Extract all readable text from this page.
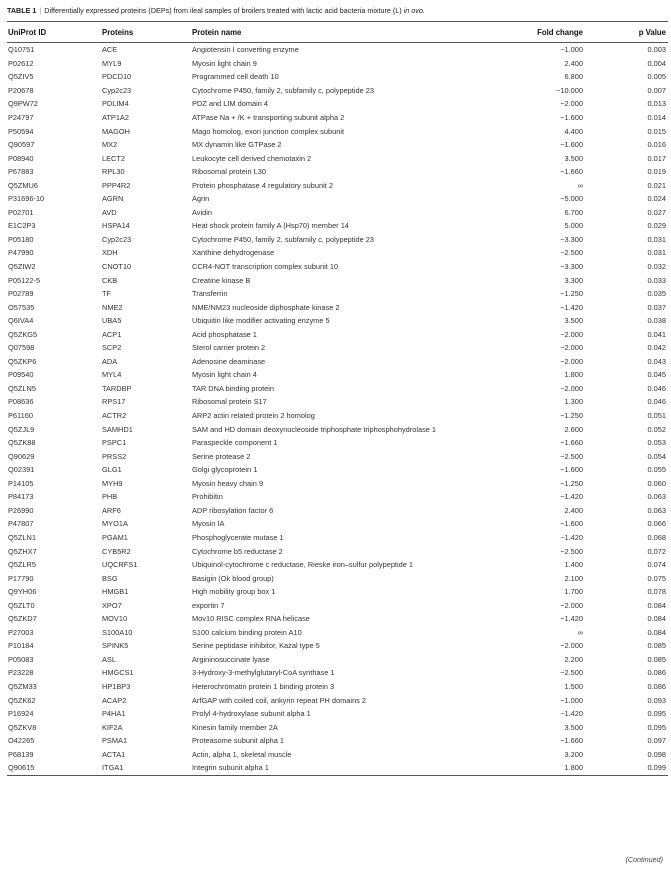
TABLE 1 | Differentially expressed proteins (DEPs) from ileal samples of broilers treated with lactic acid bacteria mixture (L) in ovo.
UniProt ID	Proteins	Protein name	Fold change	p Value
Q10751	ACE	Angiotensin I converting enzyme	−1.000	0.003
P02612	MYL9	Myosin light chain 9	2.400	0.004
Q5ZIV5	PDCD10	Programmed cell death 10	6.800	0.005
P20678	Cyp2c23	Cytochrome P450, family 2, subfamily c, polypeptide 23	−10.000	0.007
Q9PW72	PDLIM4	PDZ and LIM domain 4	−2.000	0.013
P24797	ATP1A2	ATPase Na + /K + transporting subunit alpha 2	−1.600	0.014
P50594	MAGOH	Mago homolog, exon junction complex subunit	4.400	0.015
Q90597	MX2	MX dynamin like GTPase 2	−1.600	0.016
P08940	LECT2	Leukocyte cell derived chemotaxin 2	3.500	0.017
P67883	RPL30	Ribosomal protein L30	−1.660	0.019
Q5ZMU6	PPP4R2	Protein phosphatase 4 regulatory subunit 2	∞	0.021
P31696-10	AGRN	Agrin	−5.000	0.024
P02701	AVD	Avidin	6.700	0.027
E1C2P3	HSPA14	Heat shock protein family A (Hsp70) member 14	5.000	0.029
P05180	Cyp2c23	Cytochrome P450, family 2, subfamily c, polypeptide 23	−3.300	0.031
P47990	XDH	Xanthine dehydrogenase	−2.500	0.031
Q5ZIW2	CNOT10	CCR4-NOT transcription complex subunit 10	−3.300	0.032
P05122-5	CKB	Creatine kinase B	3.300	0.033
P02789	TF	Transferrin	−1.250	0.035
O57535	NME2	NME/NM23 nucleoside diphosphate kinase 2	−1.420	0.037
Q6IVA4	UBA5	Ubiquitin like modifier activating enzyme 5	3.500	0.038
Q5ZKG5	ACP1	Acid phosphatase 1	−2.000	0.041
Q07598	SCP2	Sterol carrier protein 2	−2.000	0.042
Q5ZKP6	ADA	Adenosine deaminase	−2.000	0.043
P09540	MYL4	Myosin light chain 4	1.800	0.045
Q5ZLN5	TARDBP	TAR DNA binding protein	−2.000	0.046
P08636	RPS17	Ribosomal protein S17	1.300	0.046
P61160	ACTR2	ARP2 actin related protein 2 homolog	−1.250	0.051
Q5ZJL9	SAMHD1	SAM and HD domain deoxynucleoside triphosphate triphosphohydrolase 1	2.600	0.052
Q5ZK88	PSPC1	Paraspeckle component 1	−1.660	0.053
Q90629	PRSS2	Serine protease 2	−2.500	0.054
Q02391	GLG1	Golgi glycoprotein 1	−1.600	0.055
P14105	MYH9	Myosin heavy chain 9	−1.250	0.060
P84173	PHB	Prohibitin	−1.420	0.063
P26990	ARF6	ADP ribosylation factor 6	2.400	0.063
P47807	MYO1A	Myosin IA	−1.600	0.066
Q5ZLN1	PGAM1	Phosphoglycerate mutase 1	−1.420	0.068
Q5ZHX7	CYB5R2	Cytochrome b5 reductase 2	−2.500	0.072
Q5ZLR5	UQCRFS1	Ubiquinol-cytochrome c reductase, Rieske iron–sulfur polypeptide 1	1.400	0.074
P17790	BSG	Basigin (Ok blood group)	2.100	0.075
Q9YH06	HMGB1	High mobility group box 1	1.700	0.078
Q5ZLT0	XPO7	exportin 7	−2.000	0.084
Q5ZKD7	MOV10	Mov10 RISC complex RNA helicase	−1.420	0.084
P27003	S100A10	S100 calcium binding protein A10	∞	0.084
P10184	SPINK5	Serine peptidase inhibitor, Kazal type 5	−2.000	0.085
P05083	ASL	Argininosuccinate lyase	2.200	0.085
P23228	HMGCS1	3-Hydroxy-3-methylglutaryl-CoA synthase 1	−2.500	0.086
Q5ZM33	HP1BP3	Heterochromatin protein 1 binding protein 3	1.500	0.086
Q5ZK62	ACAP2	ArfGAP with coiled coil, ankyrin repeat PH domains 2	−1.000	0.093
P16924	P4HA1	Prolyl 4-hydroxylase subunit alpha 1	−1.420	0.095
Q5ZKV8	KIF2A	Kinesin family member 2A	3.500	0.095
O42265	PSMA1	Proteasome subunit alpha 1	−1.660	0.097
P68139	ACTA1	Actin, alpha 1, skeletal muscle	3.200	0.098
Q90615	ITGA1	Integrin subunit alpha 1	1.800	0.099
(Continued)
